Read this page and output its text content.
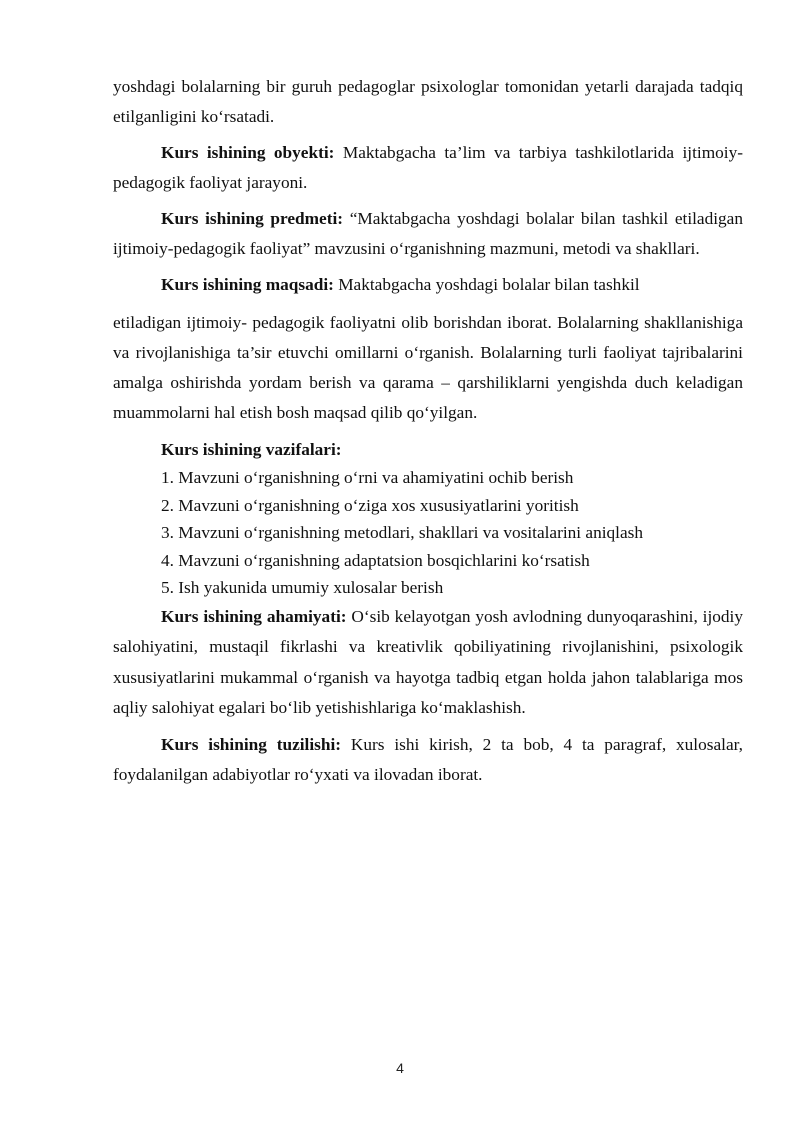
yoshdagi bolalarning bir guruh pedagoglar psixologlar tomonidan yetarli darajada tadqiq etilganligini ko‘rsatadi.

Kurs ishining obyekti: Maktabgacha ta’lim va tarbiya tashkilotlarida ijtimoiy-pedagogik faoliyat jarayoni.

Kurs ishining predmeti: “Maktabgacha yoshdagi bolalar bilan tashkil etiladigan ijtimoiy-pedagogik faoliyat” mavzusini o‘rganishning mazmuni, metodi va shakllari.

Kurs ishining maqsadi: Maktabgacha yoshdagi bolalar bilan tashkil

etiladigan ijtimoiy- pedagogik faoliyatni olib borishdan iborat. Bolalarning shakllanishiga va rivojlanishiga ta’sir etuvchi omillarni o‘rganish. Bolalarning turli faoliyat tajribalarini amalga oshirishda yordam berish va qarama – qarshiliklarni yengishda duch keladigan muammolarni hal etish bosh maqsad qilib qo‘yilgan.

Kurs ishining vazifalari:

1. Mavzuni o‘rganishning o‘rni va ahamiyatini ochib berish

2. Mavzuni o‘rganishning o‘ziga xos xususiyatlarini yoritish

3. Mavzuni o‘rganishning metodlari, shakllari va vositalarini aniqlash

4. Mavzuni o‘rganishning adaptatsion bosqichlarini ko‘rsatish

5. Ish yakunida umumiy xulosalar berish

Kurs ishining ahamiyati: O‘sib kelayotgan yosh avlodning dunyoqarashini, ijodiy salohiyatini, mustaqil fikrlashi va kreativlik qobiliyatining rivojlanishini, psixologik xususiyatlarini mukammal o‘rganish va hayotga tadbiq etgan holda jahon talablariga mos aqliy salohiyat egalari bo‘lib yetishishlariga ko‘maklashish.

Kurs ishining tuzilishi: Kurs ishi kirish, 2 ta bob, 4 ta paragraf, xulosalar, foydalanilgan adabiyotlar ro‘yxati va ilovadan iborat.

4
